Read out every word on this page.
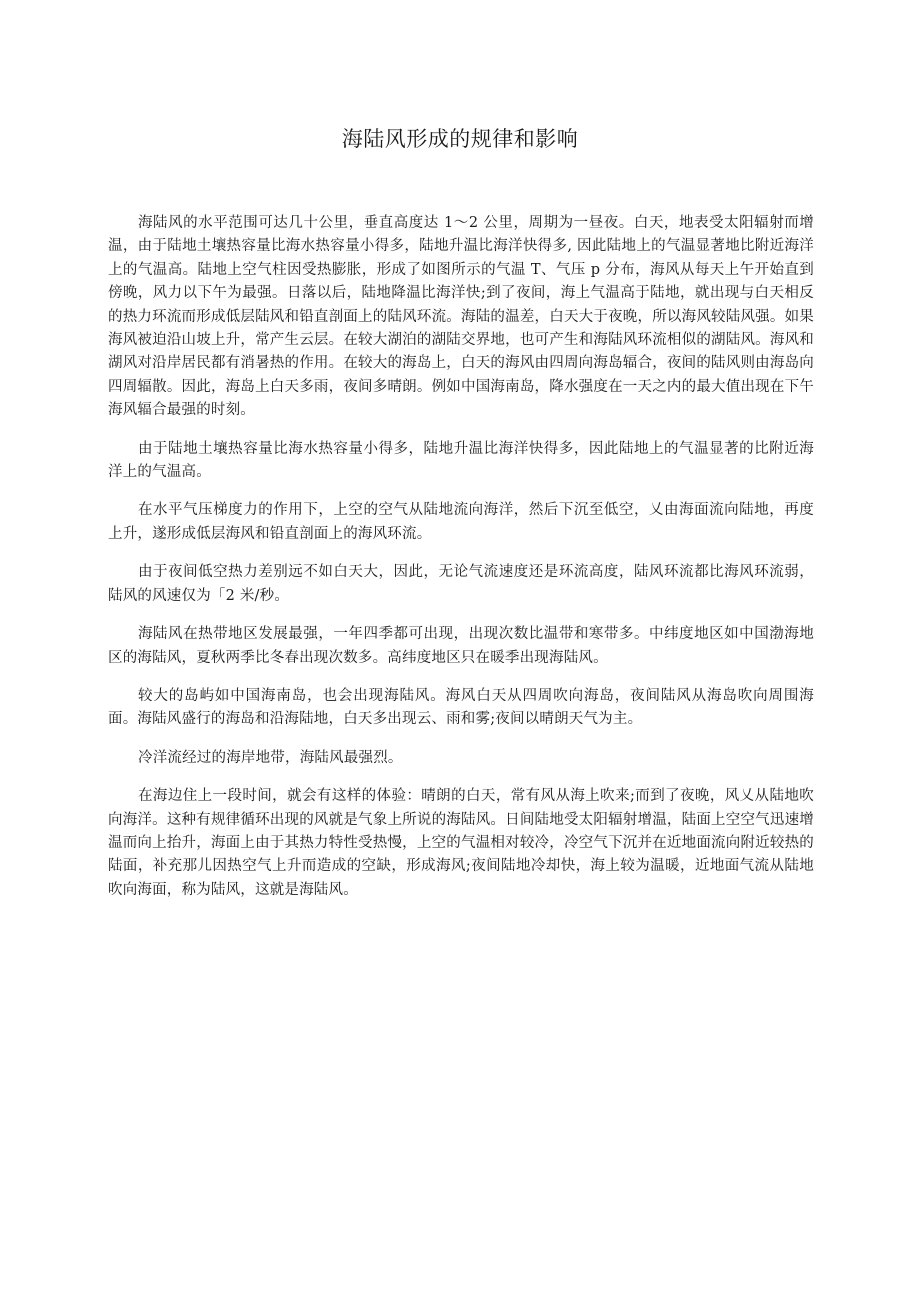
海陆风形成的规律和影响

海陆风的水平范围可达几十公里，垂直高度达 1～2 公里，周期为一昼夜。白天，地表受太阳辐射而增温，由于陆地土壤热容量比海水热容量小得多，陆地升温比海洋快得多, 因此陆地上的气温显著地比附近海洋上的气温高。陆地上空气柱因受热膨胀，形成了如图所示的气温 T、气压 p 分布，海风从每天上午开始直到傍晚，风力以下午为最强。日落以后，陆地降温比海洋快;到了夜间，海上气温高于陆地，就出现与白天相反的热力环流而形成低层陆风和铅直剖面上的陆风环流。海陆的温差，白天大于夜晚，所以海风较陆风强。如果海风被迫沿山坡上升，常产生云层。在较大湖泊的湖陆交界地，也可产生和海陆风环流相似的湖陆风。海风和湖风对沿岸居民都有消暑热的作用。在较大的海岛上，白天的海风由四周向海岛辐合，夜间的陆风则由海岛向四周辐散。因此，海岛上白天多雨，夜间多晴朗。例如中国海南岛，降水强度在一天之内的最大值出现在下午海风辐合最强的时刻。

由于陆地土壤热容量比海水热容量小得多，陆地升温比海洋快得多，因此陆地上的气温显著的比附近海洋上的气温高。

在水平气压梯度力的作用下，上空的空气从陆地流向海洋，然后下沉至低空，乂由海面流向陆地，再度上升，遂形成低层海风和铅直剖面上的海风环流。

由于夜间低空热力差别远不如白天大，因此，无论气流速度还是环流高度，陆风环流都比海风环流弱，陆风的风速仅为「2 米/秒。

海陆风在热带地区发展最强，一年四季都可出现，出现次数比温带和寒带多。中纬度地区如中国渤海地区的海陆风，夏秋两季比冬春出现次数多。高纬度地区只在暖季出现海陆风。

较大的岛屿如中国海南岛，也会出现海陆风。海风白天从四周吹向海岛，夜间陆风从海岛吹向周围海面。海陆风盛行的海岛和沿海陆地，白天多出现云、雨和雾;夜间以晴朗天气为主。

冷洋流经过的海岸地带，海陆风最强烈。

在海边住上一段时间，就会有这样的体验：晴朗的白天，常有风从海上吹来;而到了夜晚，风乂从陆地吹向海洋。这种有规律循环出现的风就是气象上所说的海陆风。日间陆地受太阳辐射增温，陆面上空空气迅速增温而向上抬升，海面上由于其热力特性受热慢，上空的气温相对较冷，冷空气下沉并在近地面流向附近较热的陆面，补充那儿因热空气上升而造成的空缺，形成海风;夜间陆地冷却快，海上较为温暖，近地面气流从陆地吹向海面，称为陆风，这就是海陆风。
